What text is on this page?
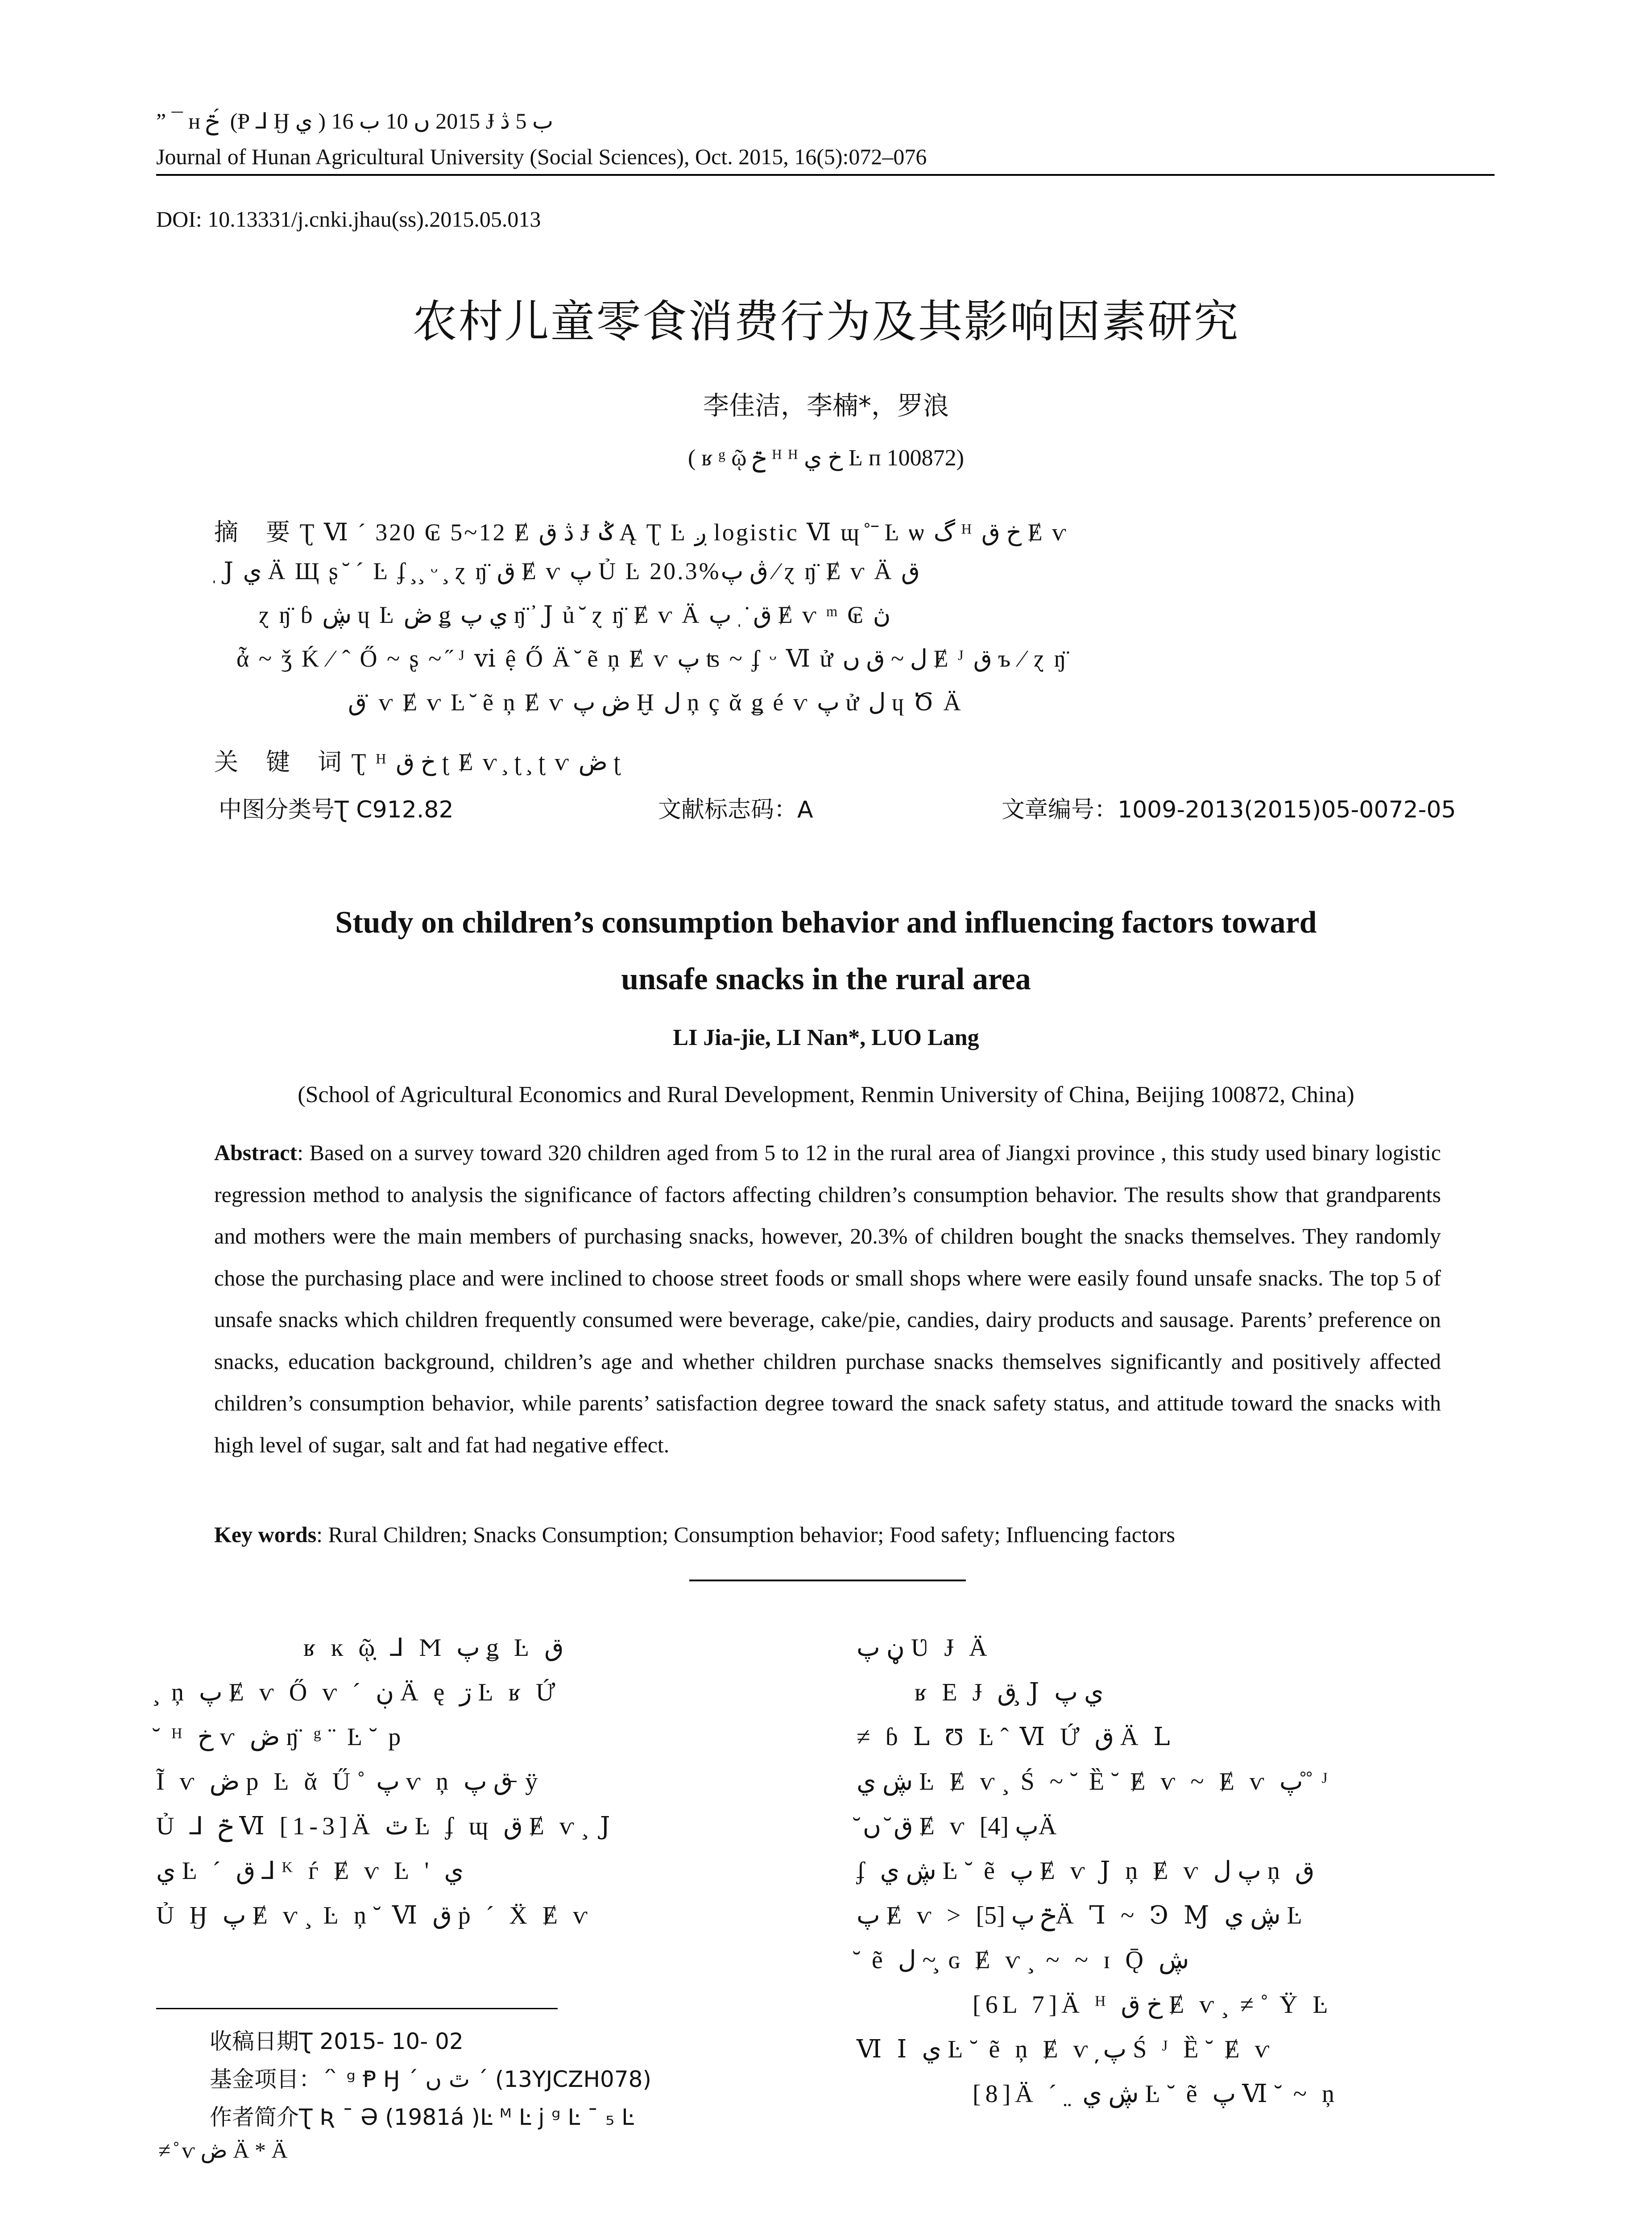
” ¯ ʜ ݗ ́ (Ᵽ ⅃ Ӈ ي ) 2015 ں 10 ب 16 Ɉ ب 5 ڎ
Journal of Hunan Agricultural University (Social Sciences), Oct. 2015, 16(5):072–076
DOI: 10.13331/j.cnki.jhau(ss).2015.05.013
农村儿童零食消费行为及其影响因素研究
李佳洁，李楠*，罗浪
( ʁ ᵍ ῷ ݗ ᴴ ᴴ خ ي Ŀ ᴨ 100872)
摘　要 Ʈ Ⅵ ˊ 320 ₢ 5~12 Ɇ ڎ ق Ɉ ݣ Ą Ʈ Ŀ ږ logistic Ⅵ ɰ ̊ ̄ Ŀ ѡ گ ᴴ خ ق Ɇ ѵ
ֽ Ϳ ي Ä Щ ʂ ̆ ˊ Ŀ ʄ ̧ ̧ ᵕ ̧ ɀ ŋ̈ ق Ɇ ѵ پ Ủ Ŀ 20.3%ڨ پ ⁄ ɀ ŋ̈ Ɇ ѵ Ä ق
ɀ ŋ̈ ɓ ڜ ɥ Ŀ ڞ ǥ ي پ ŋ̈ ̓ Ϳ ủ ̆ ɀ ŋ̈ Ɇ ѵ Ä ق ̇ ֽ پ Ɇ ѵ ᵐ ₢ ڽ
ἆ ~ ǯ Ḱ ⁄ ˆ Ő ~ ʂ ~ ̋ ᴶ ⅵ ệ Ő Ä ̆ ẽ ņ Ɇ ѵ پ ʦ ~ ʄ ᵕ Ⅵ ử ل ~ ق ں Ɇ ᴶ ق ъ ⁄ ɀ ŋ̈
ق ̇ ѵ Ɇ ѵ Ŀ ̆ ẽ ņ Ɇ ѵ ڞ پ Ḫ ل ņ ç ᾰ ǥ é ѵ پ ử ل ɥ Ծ Ä
关　键　词 Ʈ ᴴ خ ق ʈ Ɇ ѵ ̧ ʈ ̧ ʈ ѵ ڞ ʈ
中图分类号Ʈ C912.82	文献标志码：A	文章编号：1009-2013(2015)05-0072-05
Study on children’s consumption behavior and influencing factors toward
unsafe snacks in the rural area
LI Jia-jie, LI Nan*, LUO Lang
(School of Agricultural Economics and Rural Development, Renmin University of China, Beijing 100872, China)
Abstract: Based on a survey toward 320 children aged from 5 to 12 in the rural area of Jiangxi province , this study used binary logistic regression method to analysis the significance of factors affecting children’s consumption behavior. The results show that grandparents and mothers were the main members of purchasing snacks, however, 20.3% of children bought the snacks themselves. They randomly chose the purchasing place and were inclined to choose street foods or small shops where were easily found unsafe snacks. The top 5 of unsafe snacks which children frequently consumed were beverage, cake/pie, candies, dairy products and sausage. Parents’ preference on snacks, education background, children’s age and whether children purchase snacks themselves significantly and positively affected children’s consumption behavior, while parents’ satisfaction degree toward the snack safety status, and attitude toward the snacks with high level of sugar, salt and fat had negative effect.
Key words: Rural Children; Snacks Consumption; Consumption behavior; Food safety; Influencing factors
ʁ ĸ ῷ̣ ⅃ Ϻ پ ǥ Ŀ ق
̧ ņ پ Ɇ ѵ Ő ѵ ˊ ڹ Ä ę ڗ Ŀ ʁ Ứ
̆ ᴴ خ ѵ ڞ ŋ̈ ᵍ ̈ Ŀ ̆ p
Ĩ ѵ ڞ p Ŀ ᾰ Ű ̊ پ ѵ ņ ق پ ̵ ÿ
Ủ ⅃ ݗ Ⅵ [1-3]Ä ٿ Ŀ ʄ ɰ ق Ɇ ѵ ̧ Ϳ
ي Ŀ ˊ ق ⅃ ᴷ ѓ Ɇ ѵ Ŀ ' ي
Ủ Ӈ پ Ɇ ѵ ̧ Ŀ ņ ̆ Ⅵ ق ṗ ˊ Ẍ Ɇ ѵ
ڼ پ Ʋ Ɉ Ä
ʁ Ε Ɉ ق ̧ Ϳ ي پ
≠ ɓ Ⅼ Ʊ Ŀ ̂ Ⅵ Ứ ق Ä Ⅼ
ڜ ي Ŀ Ɇ ѵ ̧ Ś ~ ̆ Ȅ ̆ Ɇ ѵ ~ Ɇ ѵ پ ̊ ̊ ᴶ
̆ ق ̆ ں Ɇ ѵ پ [4]Ä
ʄ ڜ ي Ŀ ̆ ẽ پ Ɇ ѵ Ϳ ņ Ɇ ѵ پ ل ņ ق
پ Ɇ ѵ > ݗ پ [5]Ä Ꞁ ~ Ꜿ Ɱ ڜ ي Ŀ
̆ ẽ ل ~ ̧ ɢ Ɇ ѵ ̧ ~ ~ ɪ Ǭ ڜ
[6L 7]Ä ᴴ خ ق Ɇ ѵ ̧ ≠ ̊ Ÿ Ŀ
Ⅵ Ⅰ ي Ŀ ̆ ẽ ņ Ɇ ѵ پ̦ Ś ᴶ Ȅ ̆ Ɇ ѵ
[8]Ä ˊ ̤ ڜ ي Ŀ ̆ ẽ پ Ⅵ ̆ ~ ņ
收稿日期Ʈ 2015‐ 10‐ 02
基金项目：ˊ ̀ ᵍ Ᵽ Ӈ ˊ ٿ ں ˊ (13YJCZH078)
作者简介Ʈ Ʀ ¯ Ә (1981á )Ŀ ᴹ Ŀ j ᵍ Ŀ ¯ ₅ Ŀ
≠ ̊ ѵ ڞ Ä * Ä
